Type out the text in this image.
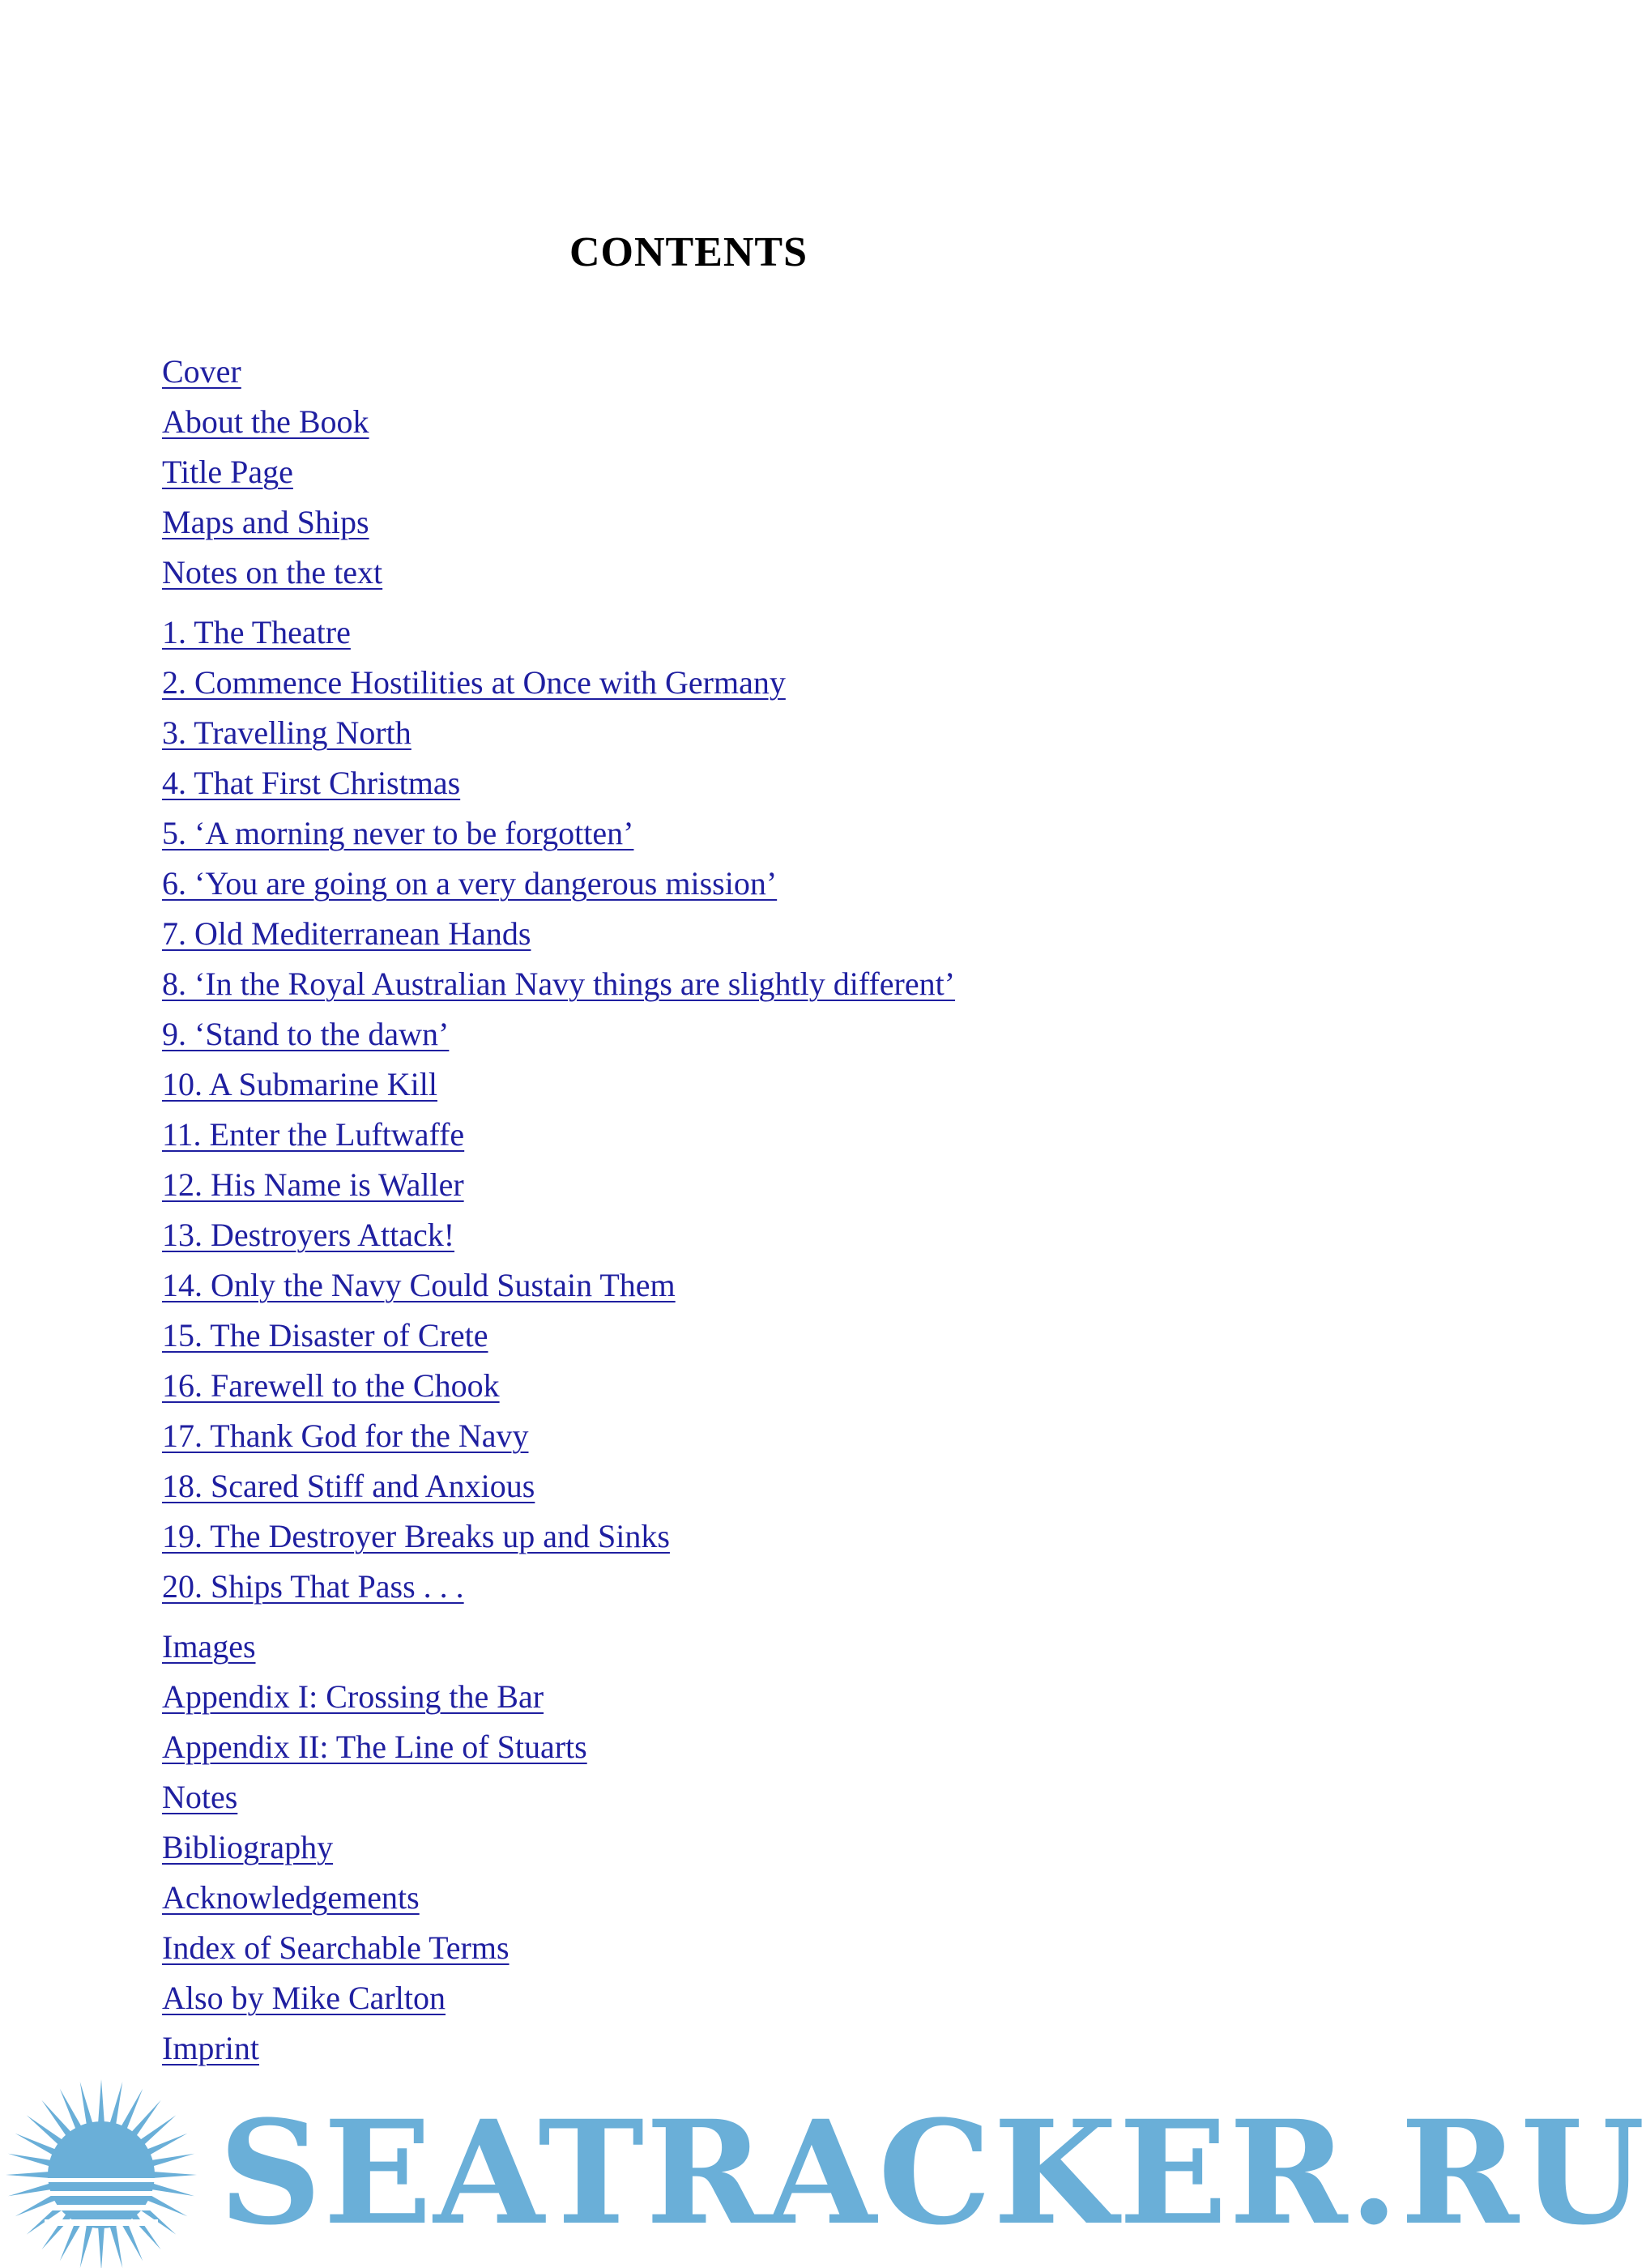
CONTENTS
Cover
About the Book
Title Page
Maps and Ships
Notes on the text
1. The Theatre
2. Commence Hostilities at Once with Germany
3. Travelling North
4. That First Christmas
5. ‘A morning never to be forgotten’
6. ‘You are going on a very dangerous mission’
7. Old Mediterranean Hands
8. ‘In the Royal Australian Navy things are slightly different’
9. ‘Stand to the dawn’
10. A Submarine Kill
11. Enter the Luftwaffe
12. His Name is Waller
13. Destroyers Attack!
14. Only the Navy Could Sustain Them
15. The Disaster of Crete
16. Farewell to the Chook
17. Thank God for the Navy
18. Scared Stiff and Anxious
19. The Destroyer Breaks up and Sinks
20. Ships That Pass . . .
Images
Appendix I: Crossing the Bar
Appendix II: The Line of Stuarts
Notes
Bibliography
Acknowledgements
Index of Searchable Terms
Also by Mike Carlton
Imprint
SEATRACKER.RU
